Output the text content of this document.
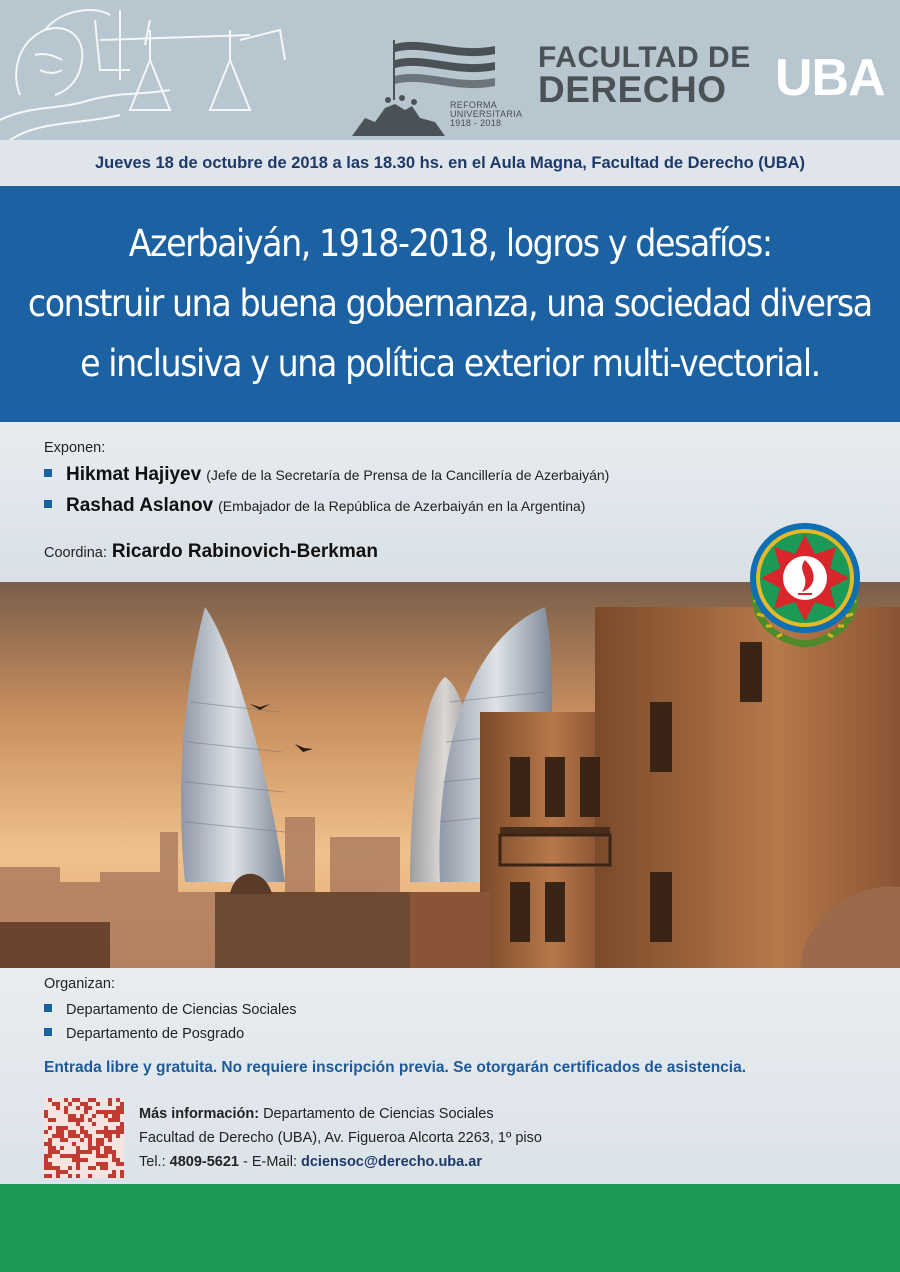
REFORMA
UNIVERSITARIA
1918 - 2018
FACULTAD DE
DERECHO UBA
Jueves 18 de octubre de 2018 a las 18.30 hs. en el Aula Magna, Facultad de Derecho (UBA)
Azerbaiyán, 1918-2018, logros y desafíos:
construir una buena gobernanza, una sociedad diversa
e inclusiva y una política exterior multi-vectorial.
Exponen:
Hikmat Hajiyev (Jefe de la Secretaría de Prensa de la Cancillería de Azerbaiyán)
Rashad Aslanov (Embajador de la República de Azerbaiyán en la Argentina)
Coordina: Ricardo Rabinovich-Berkman
Organizan:
Departamento de Ciencias Sociales
Departamento de Posgrado
Entrada libre y gratuita. No requiere inscripción previa. Se otorgarán certificados de asistencia.
Más información: Departamento de Ciencias Sociales
Facultad de Derecho (UBA), Av. Figueroa Alcorta 2263, 1º piso
Tel.: 4809-5621 - E-Mail: dciensoc@derecho.uba.ar
